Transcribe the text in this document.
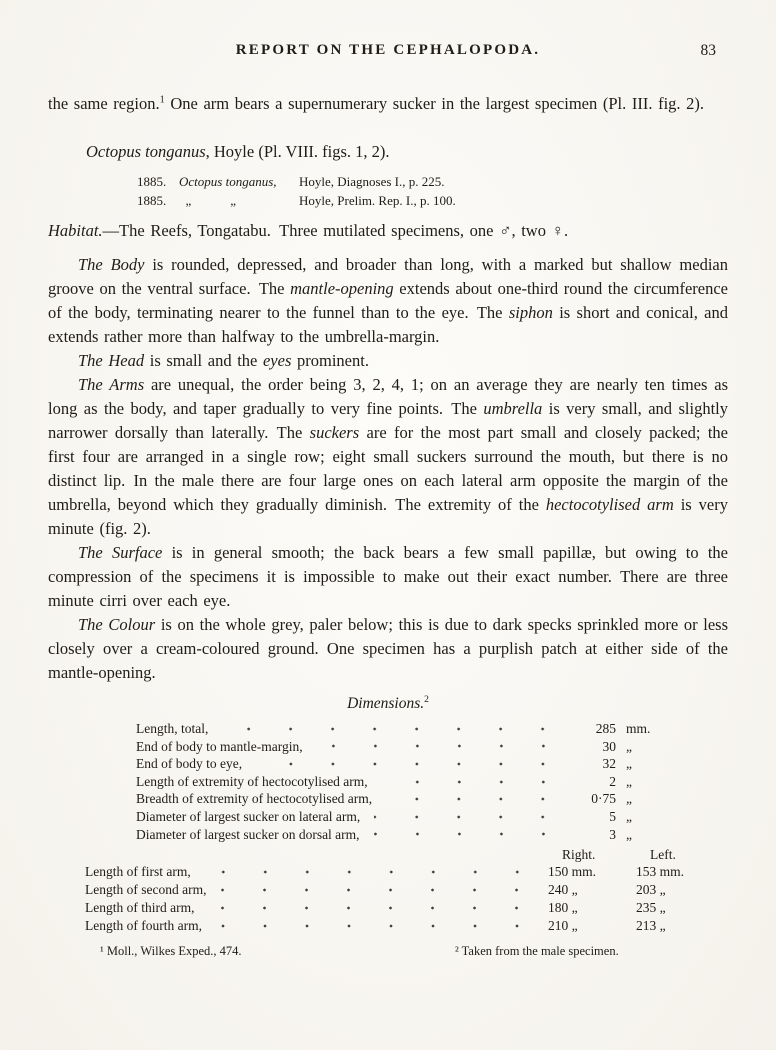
REPORT ON THE CEPHALOPODA.	83

the same region.$^1$ One arm bears a supernumerary sucker in the largest specimen (Pl. III. fig. 2).

Octopus tonganus, Hoyle (Pl. VIII. figs. 1, 2).
1885. Octopus tonganus,	Hoyle, Diagnoses I., p. 225.
1885.  „   „	Hoyle, Prelim. Rep. I., p. 100.

Habitat.—The Reefs, Tongatabu. Three mutilated specimens, one ♂, two ♀.

The Body is rounded, depressed, and broader than long, with a marked but shallow median groove on the ventral surface. The mantle-opening extends about one-third round the circumference of the body, terminating nearer to the funnel than to the eye. The siphon is short and conical, and extends rather more than halfway to the umbrella-margin.

The Head is small and the eyes prominent.

The Arms are unequal, the order being 3, 2, 4, 1; on an average they are nearly ten times as long as the body, and taper gradually to very fine points. The umbrella is very small, and slightly narrower dorsally than laterally. The suckers are for the most part small and closely packed; the first four are arranged in a single row; eight small suckers surround the mouth, but there is no distinct lip. In the male there are four large ones on each lateral arm opposite the margin of the umbrella, beyond which they gradually diminish. The extremity of the hectocotylised arm is very minute (fig. 2).

The Surface is in general smooth; the back bears a few small papillæ, but owing to the compression of the specimens it is impossible to make out their exact number. There are three minute cirri over each eye.

The Colour is on the whole grey, paler below; this is due to dark specks sprinkled more or less closely over a cream-coloured ground. One specimen has a purplish patch at either side of the mantle-opening.

Dimensions.$^2$
Length, total,	285 mm.
End of body to mantle-margin,	30 „
End of body to eye,	32 „
Length of extremity of hectocotylised arm,	2 „
Breadth of extremity of hectocotylised arm,	0·75 „
Diameter of largest sucker on lateral arm,	5 „
Diameter of largest sucker on dorsal arm,	3 „
Right.	Left.
Length of first arm,	150 mm.	153 mm.
Length of second arm,	240 „	203 „
Length of third arm,	180 „	235 „
Length of fourth arm,	210 „	213 „
¹ Moll., Wilkes Exped., 474.	² Taken from the male specimen.
